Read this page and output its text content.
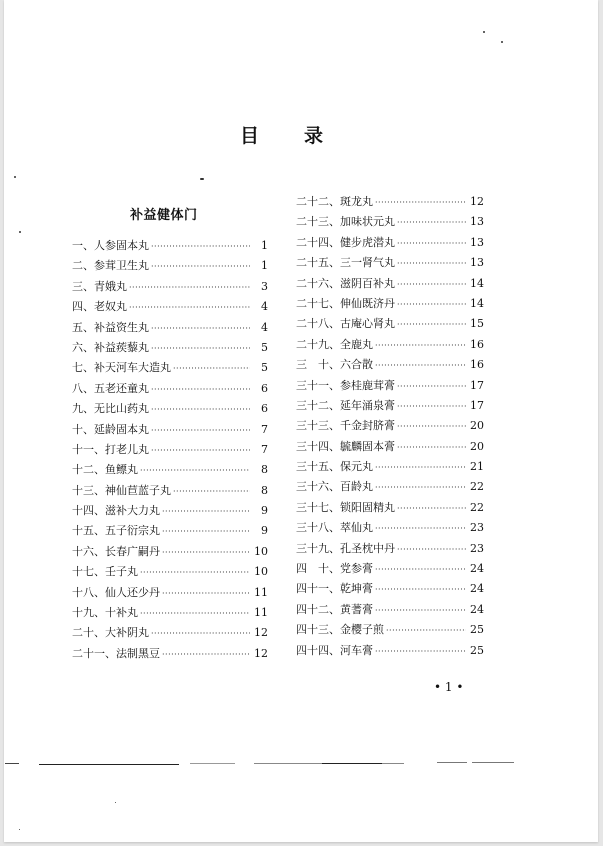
目 录
补益健体门
一、 人参固本丸 ·····	1
二、 参茸卫生丸 ·····	1
三、 青娥丸 ·····	3
四、 老奴丸 ·····	4
五、 补益资生丸 ·····	4
六、 补益蒺藜丸 ·····	5
七、 补天河车大造丸 ·····	5
八、 五老还童丸 ·····	6
九、 无比山药丸 ·····	6
十、 延龄固本丸 ·····	7
十一、 打老儿丸 ·····	7
十二、 鱼鳔丸 ·····	8
十三、 神仙苣蓝子丸 ·····	8
十四、 滋补大力丸 ·····	9
十五、 五子衍宗丸 ·····	9
十六、 长春广嗣丹 ·····	10
十七、 壬子丸 ·····	10
十八、 仙人还少丹 ·····	11
十九、 十补丸 ·····	11
二十、 大补阴丸 ·····	12
二十一、 法制黑豆 ·····	12
二十二、 斑龙丸 ·····	12
二十三、 加味状元丸 ·····	13
二十四、 健步虎潜丸 ·····	13
二十五、 三一肾气丸 ·····	13
二十六、 滋阴百补丸 ·····	14
二十七、 伸仙既济丹 ·····	14
二十八、 古庵心肾丸 ·····	15
二十九、 全鹿丸 ·····	16
三　十、 六合散 ·····	16
三十一、 参桂鹿茸膏 ·····	17
三十二、 延年涌泉膏 ·····	17
三十三、 千金封脐膏 ·····	20
三十四、 毓麟固本膏 ·····	20
三十五、 保元丸 ·····	21
三十六、 百龄丸 ·····	22
三十七、 锁阳固精丸 ·····	22
三十八、 萃仙丸 ·····	23
三十九、 孔圣枕中丹 ·····	23
四　十、 党参膏 ·····	24
四十一、 乾坤膏 ·····	24
四十二、 黄蓍膏 ·····	24
四十三、 金樱子煎 ·····	25
四十四、 河车膏 ·····	25
• 1 •
